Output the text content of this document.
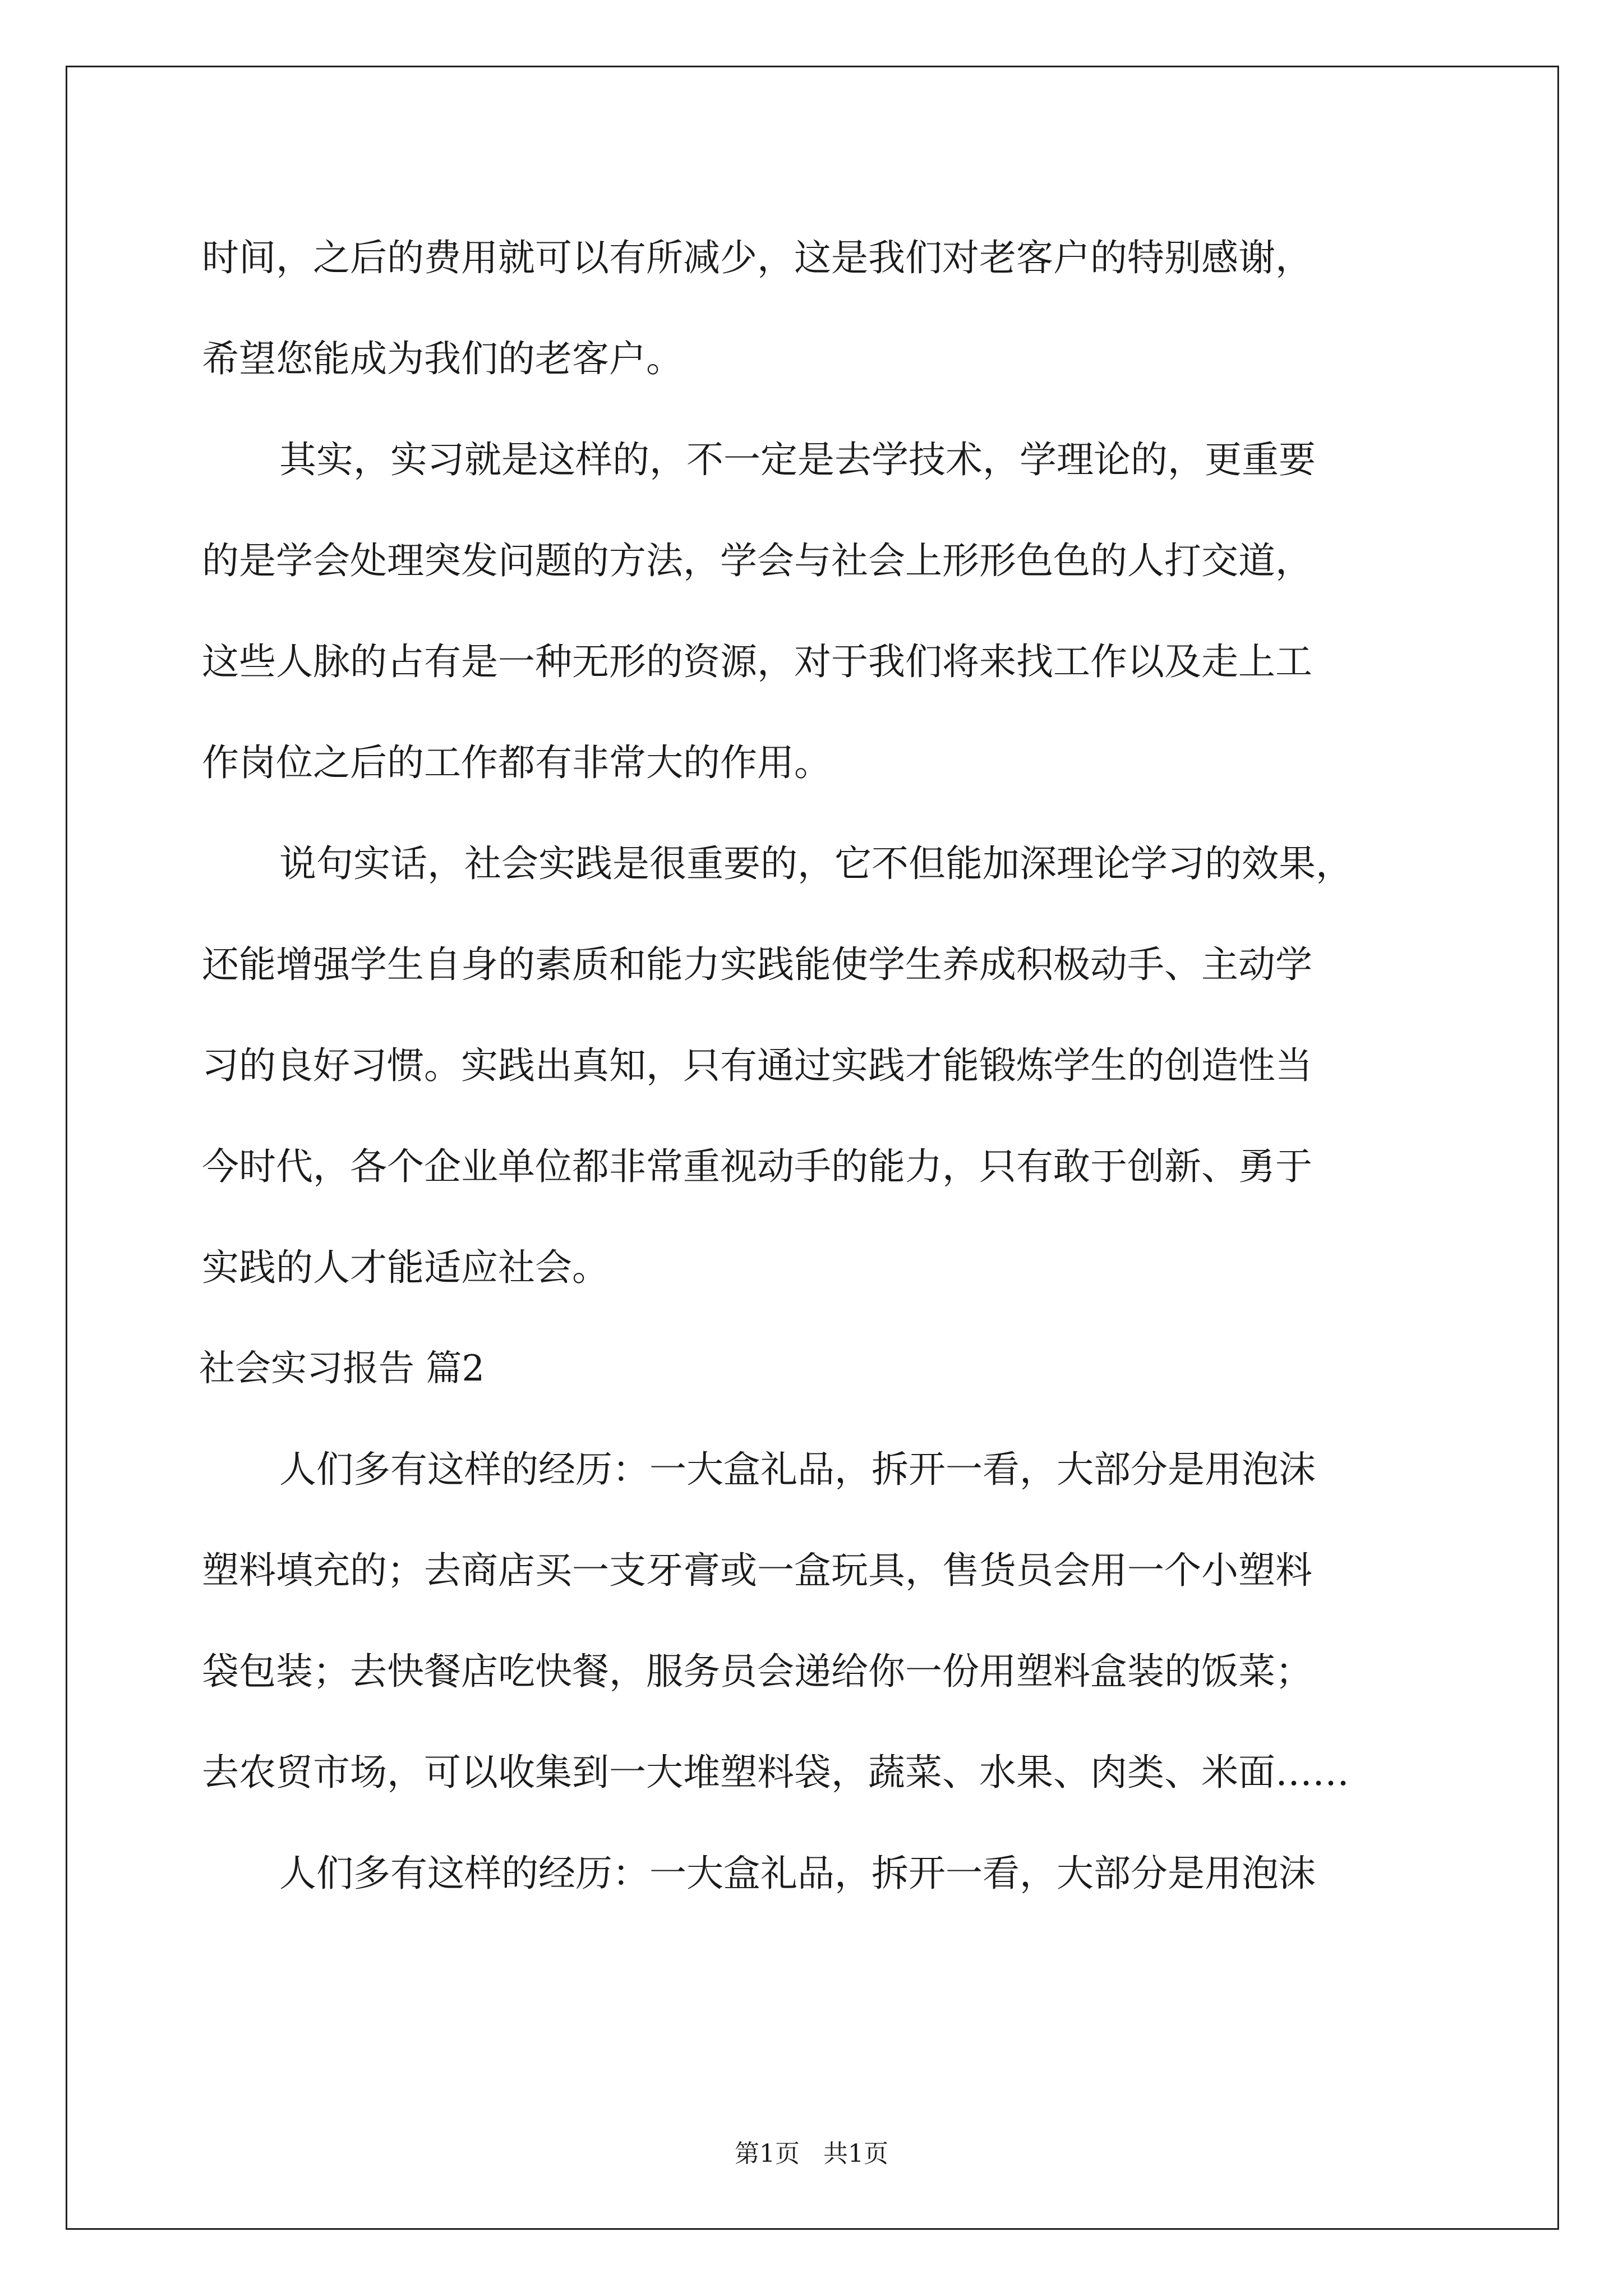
时间，之后的费用就可以有所减少，这是我们对老客户的特别感谢，
希望您能成为我们的老客户。
其实，实习就是这样的，不一定是去学技术，学理论的，更重要
的是学会处理突发问题的方法，学会与社会上形形色色的人打交道，
这些人脉的占有是一种无形的资源，对于我们将来找工作以及走上工
作岗位之后的工作都有非常大的作用。
说句实话，社会实践是很重要的，它不但能加深理论学习的效果，
还能增强学生自身的素质和能力实践能使学生养成积极动手、主动学
习的良好习惯。实践出真知，只有通过实践才能锻炼学生的创造性当
今时代，各个企业单位都非常重视动手的能力，只有敢于创新、勇于
实践的人才能适应社会。
社会实习报告 篇2
人们多有这样的经历：一大盒礼品，拆开一看，大部分是用泡沫
塑料填充的；去商店买一支牙膏或一盒玩具，售货员会用一个小塑料
袋包装；去快餐店吃快餐，服务员会递给你一份用塑料盒装的饭菜；
去农贸市场，可以收集到一大堆塑料袋，蔬菜、水果、肉类、米面……
人们多有这样的经历：一大盒礼品，拆开一看，大部分是用泡沫
第1页   共1页
